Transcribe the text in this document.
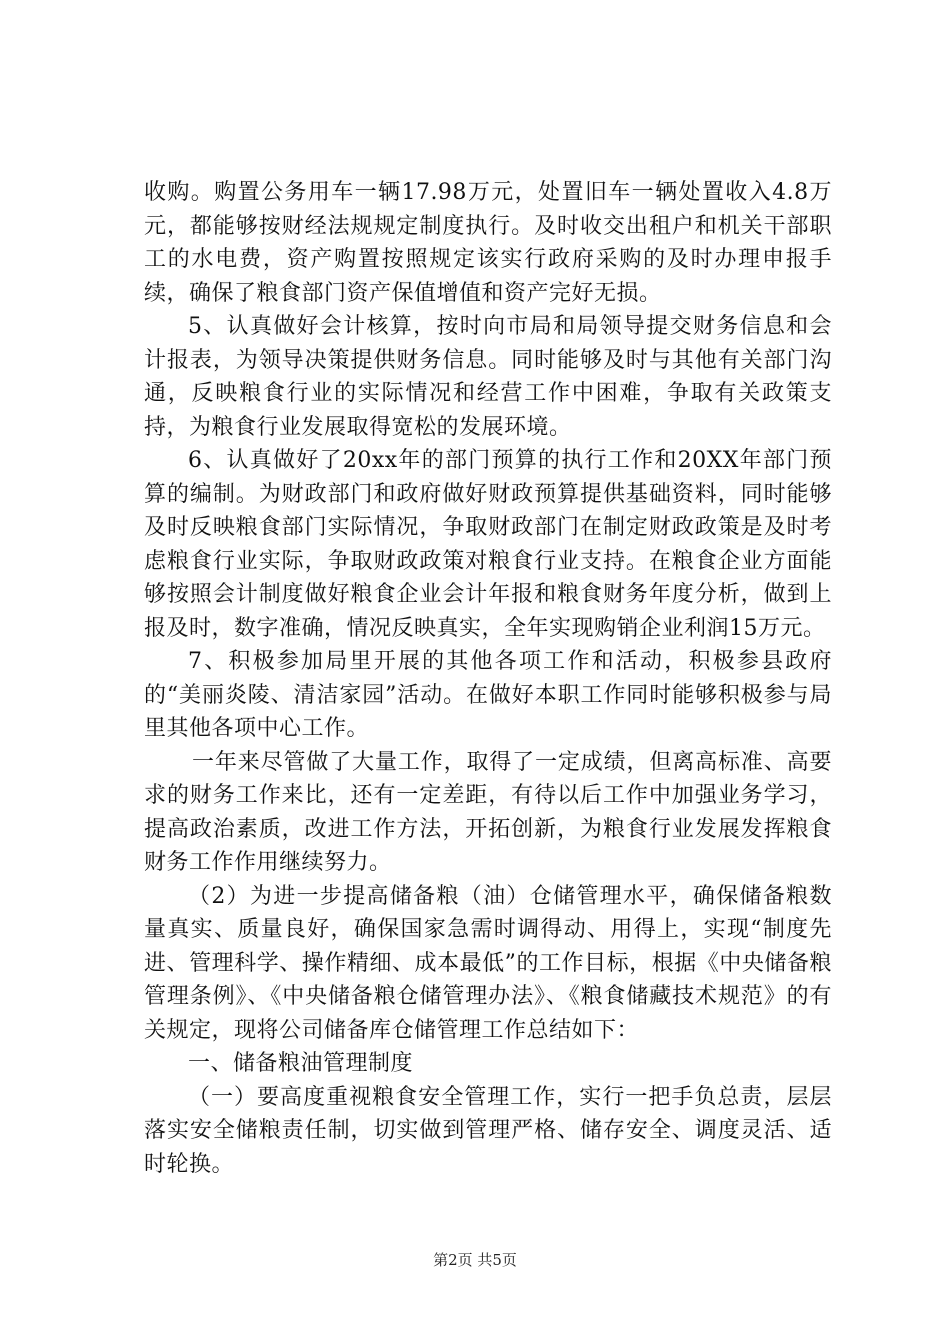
收购。购置公务用车一辆17.98万元，处置旧车一辆处置收入4.8万元，都能够按财经法规规定制度执行。及时收交出租户和机关干部职工的水电费，资产购置按照规定该实行政府采购的及时办理申报手续，确保了粮食部门资产保值增值和资产完好无损。

5、认真做好会计核算，按时向市局和局领导提交财务信息和会计报表，为领导决策提供财务信息。同时能够及时与其他有关部门沟通，反映粮食行业的实际情况和经营工作中困难，争取有关政策支持，为粮食行业发展取得宽松的发展环境。

6、认真做好了20xx年的部门预算的执行工作和20XX年部门预算的编制。为财政部门和政府做好财政预算提供基础资料，同时能够及时反映粮食部门实际情况，争取财政部门在制定财政政策是及时考虑粮食行业实际，争取财政政策对粮食行业支持。在粮食企业方面能够按照会计制度做好粮食企业会计年报和粮食财务年度分析，做到上报及时，数字准确，情况反映真实，全年实现购销企业利润15万元。

7、积极参加局里开展的其他各项工作和活动，积极参县政府的“美丽炎陵、清洁家园”活动。在做好本职工作同时能够积极参与局里其他各项中心工作。

一年来尽管做了大量工作，取得了一定成绩，但离高标准、高要求的财务工作来比，还有一定差距，有待以后工作中加强业务学习，提高政治素质，改进工作方法，开拓创新，为粮食行业发展发挥粮食财务工作作用继续努力。

（2）为进一步提高储备粮（油）仓储管理水平，确保储备粮数量真实、质量良好，确保国家急需时调得动、用得上，实现“制度先进、管理科学、操作精细、成本最低”的工作目标，根据《中央储备粮管理条例》、《中央储备粮仓储管理办法》、《粮食储藏技术规范》的有关规定，现将公司储备库仓储管理工作总结如下：

一、储备粮油管理制度

（一）要高度重视粮食安全管理工作，实行一把手负总责，层层落实安全储粮责任制，切实做到管理严格、储存安全、调度灵活、适时轮换。

第2页 共5页
